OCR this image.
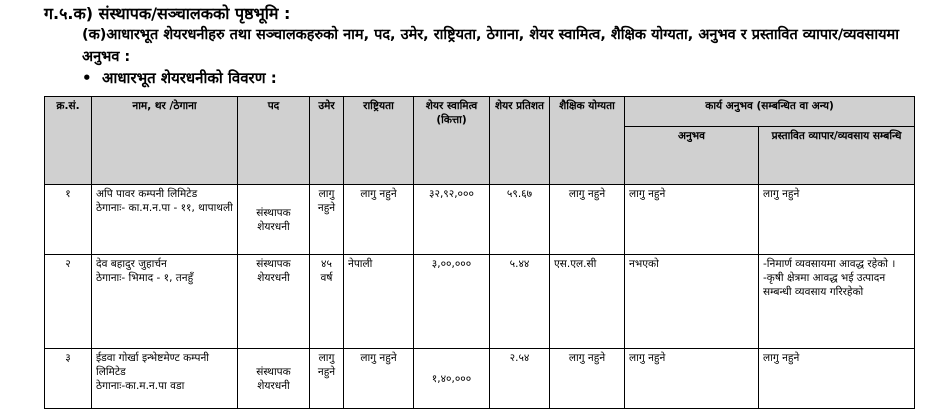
ग.५.क) संस्थापक/सञ्चालकको पृष्ठभूमि :
(क)आधारभूत शेयरधनीहरु तथा सञ्चालकहरुको नाम, पद, उमेर, राष्ट्रियता, ठेगाना, शेयर स्वामित्व, शैक्षिक योग्यता, अनुभव र प्रस्तावित व्यापार/व्यवसायमा अनुभव :
• आधारभूत शेयरधनीको विवरण :
क्र.सं.	नाम, थर /ठेगाना	पद	उमेर	राष्ट्रियता	शेयर स्वामित्व (कित्ता)	शेयर प्रतिशत	शैक्षिक योग्यता	कार्य अनुभव (सम्बन्धित वा अन्य)	
								अनुभव	प्रस्तावित व्यापार/व्यवसाय सम्बन्धि
१	अपि पावर कम्पनी लिमिटेड
ठेगानाः- का.म.न.पा - ११, थापाथली	संस्थापक शेयरधनी	लागु नहुने	लागु नहुने	३२,९२,०००	५९.६७	लागु नहुने	लागु नहुने	लागु नहुने

२	देव बहादुर जुहार्चन
ठेगानाः- भिमाद - १, तनहुँ	संस्थापक शेयरधनी	४५ वर्ष	नेपाली	३,००,०००	५.४४	एस.एल.सी	नभएको	-निमार्ण व्यवसायमा आवद्ध रहेको ।
-कृषी क्षेत्रमा आवद्ध भई उत्पादन सम्बन्धी व्यवसाय गरिरहेको

३	ईडवा गोर्खा इन्भेष्टमेण्ट कम्पनी लिमिटेड
ठेगानाः-का.म.न.पा वडा	संस्थापक शेयरधनी	लागु नहुने	लागु नहुने	१,४०,०००	२.५४	लागु नहुने	लागु नहुने	लागु नहुने
